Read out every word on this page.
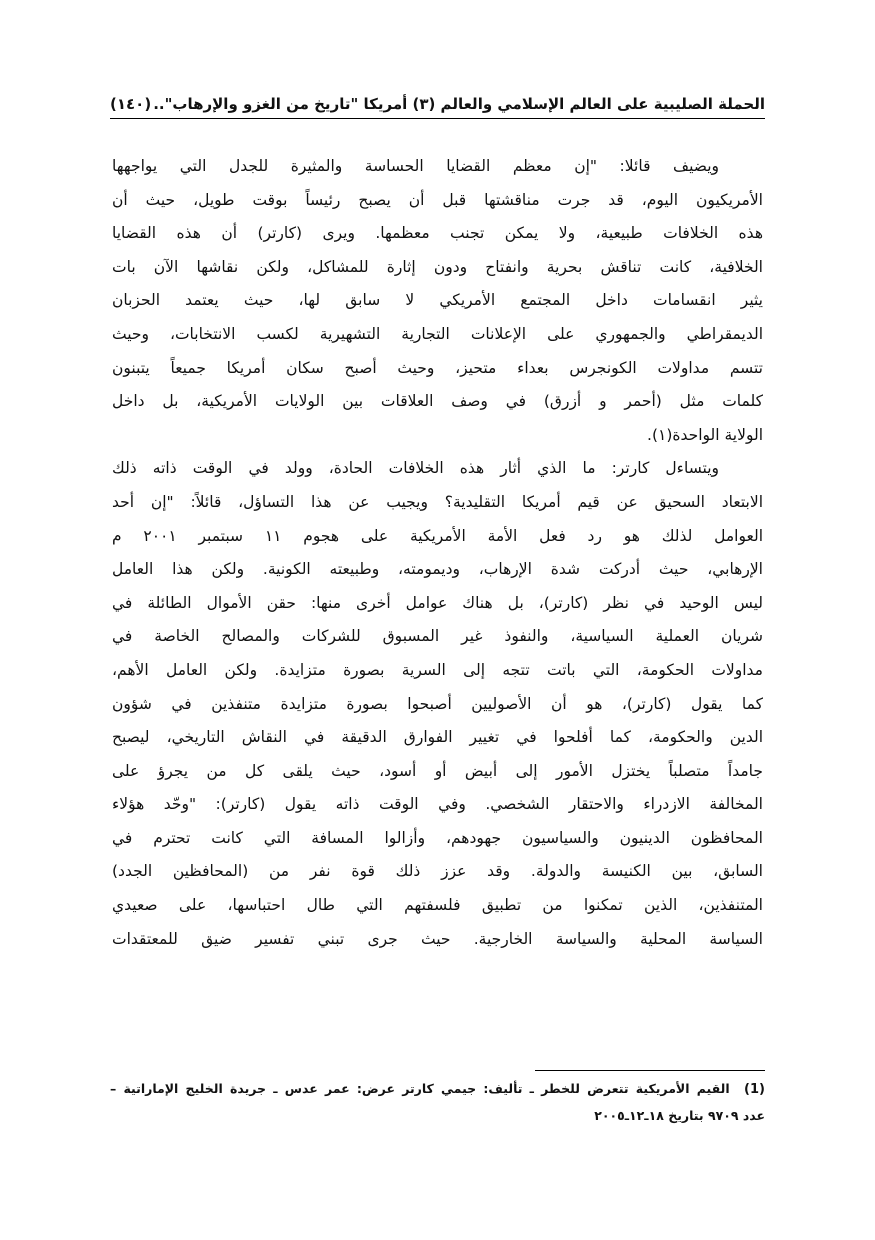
الحملة الصليبية على العالم الإسلامي والعالم (٣) أمريكا "تاريخ من الغزو والإرهاب"..
(١٤٠)
ويضيف قائلا: "إن معظم القضايا الحساسة والمثيرة للجدل التي يواجهها
الأمريكيون اليوم، قد جرت مناقشتها قبل أن يصبح رئيساً بوقت طويل، حيث أن
هذه الخلافات طبيعية، ولا يمكن تجنب معظمها. ويرى (كارتر) أن هذه القضايا
الخلافية، كانت تناقش بحرية وانفتاح ودون إثارة للمشاكل، ولكن نقاشها الآن بات
يثير انقسامات داخل المجتمع الأمريكي لا سابق لها، حيث يعتمد الحزبان
الديمقراطي والجمهوري على الإعلانات التجارية التشهيرية لكسب الانتخابات، وحيث
تتسم مداولات الكونجرس بعداء متحيز، وحيث أصبح سكان أمريكا جميعاً يتبنون
كلمات مثل (أحمر و أزرق) في وصف العلاقات بين الولايات الأمريكية، بل داخل
الولاية الواحدة(١).
ويتساءل كارتر: ما الذي أثار هذه الخلافات الحادة، وولد في الوقت ذاته ذلك
الابتعاد السحيق عن قيم أمريكا التقليدية؟ ويجيب عن هذا التساؤل، قائلاً: "إن أحد
العوامل لذلك هو رد فعل الأمة الأمريكية على هجوم ١١ سبتمبر ٢٠٠١ م
الإرهابي، حيث أدركت شدة الإرهاب، وديمومته، وطبيعته الكونية. ولكن هذا العامل
ليس الوحيد في نظر (كارتر)، بل هناك عوامل أخرى منها: حقن الأموال الطائلة في
شريان العملية السياسية، والنفوذ غير المسبوق للشركات والمصالح الخاصة في
مداولات الحكومة، التي باتت تتجه إلى السرية بصورة متزايدة. ولكن العامل الأهم،
كما يقول (كارتر)، هو أن الأصوليين أصبحوا بصورة متزايدة متنفذين في شؤون
الدين والحكومة، كما أفلحوا في تغيير الفوارق الدقيقة في النقاش التاريخي، ليصبح
جامداً متصلباً يختزل الأمور إلى أبيض أو أسود، حيث يلقى كل من يجرؤ على
المخالفة الازدراء والاحتقار الشخصي. وفي الوقت ذاته يقول (كارتر): "وحّد هؤلاء
المحافظون الدينيون والسياسيون جهودهم، وأزالوا المسافة التي كانت تحترم في
السابق، بين الكنيسة والدولة. وقد عزز ذلك قوة نفر من (المحافظين الجدد)
المتنفذين، الذين تمكنوا من تطبيق فلسفتهم التي طال احتباسها، على صعيدي
السياسة المحلية والسياسة الخارجية. حيث جرى تبني تفسير ضيق للمعتقدات
(1)  القيم الأمريكية تتعرض للخطر ـ تأليف: جيمي كارتر عرض: عمر عدس ـ جريدة الخليج الإماراتية –
عدد ٩٧٠٩ بتاريخ ١٨ـ١٢ـ٢٠٠٥
